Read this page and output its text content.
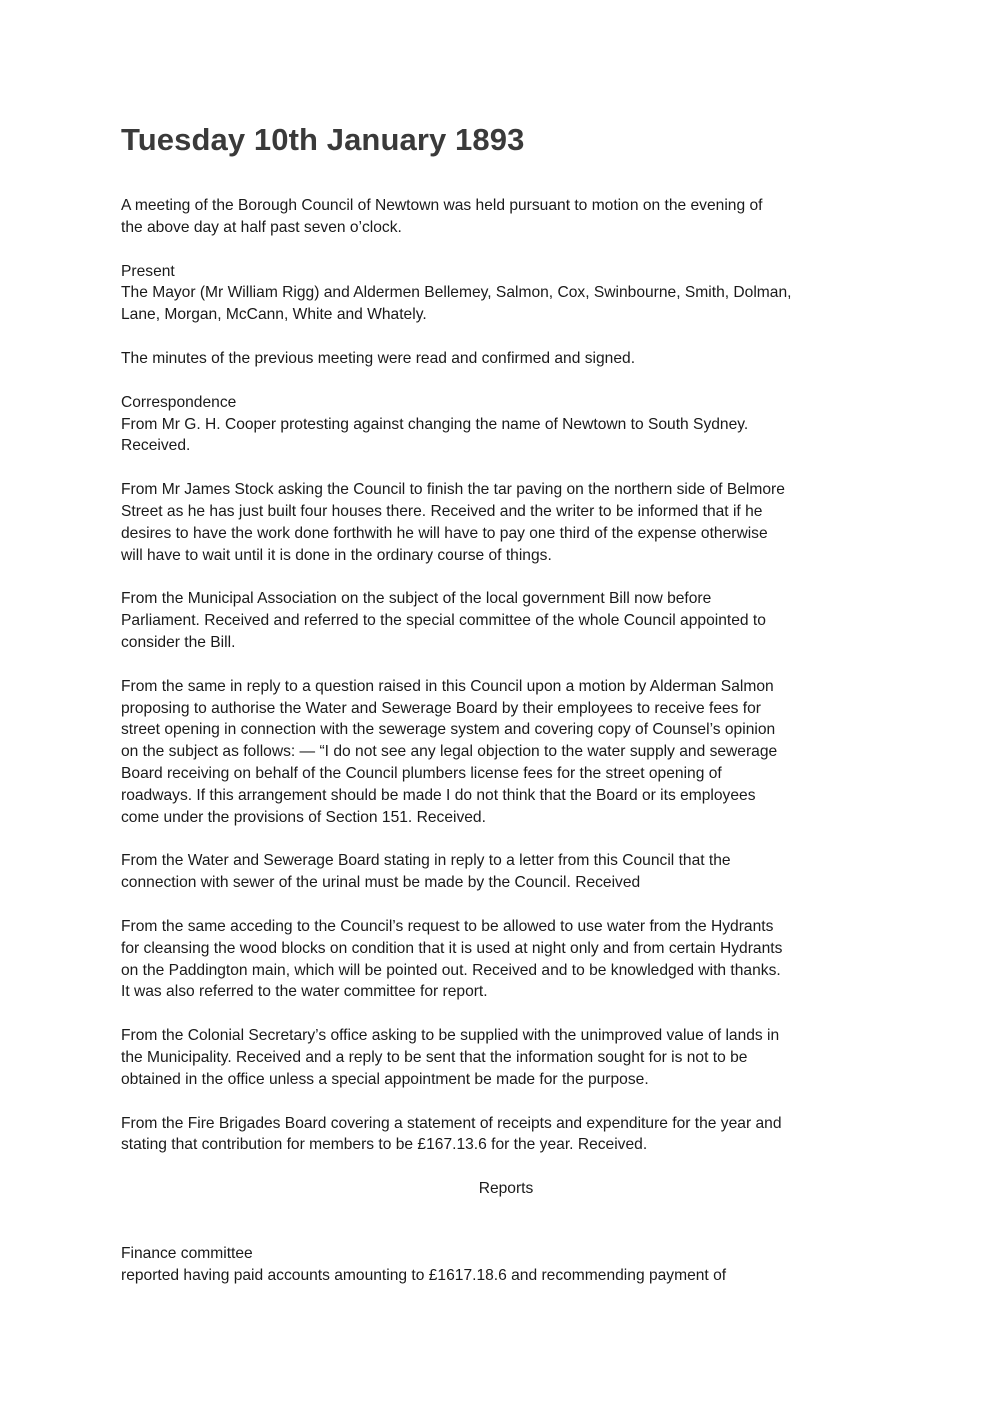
Tuesday 10th January 1893

A meeting of the Borough Council of Newtown was held pursuant to motion on the evening of
the above day at half past seven o’clock.

Present
The Mayor (Mr William Rigg) and Aldermen Bellemey, Salmon, Cox, Swinbourne, Smith, Dolman,
Lane, Morgan, McCann, White and Whately.

The minutes of the previous meeting were read and confirmed and signed.

Correspondence
From Mr G. H. Cooper protesting against changing the name of Newtown to South Sydney.
Received.

From Mr James Stock asking the Council to finish the tar paving on the northern side of Belmore
Street as he has just built four houses there. Received and the writer to be informed that if he
desires to have the work done forthwith he will have to pay one third of the expense otherwise
will have to wait until it is done in the ordinary course of things.

From the Municipal Association on the subject of the local government Bill now before
Parliament. Received and referred to the special committee of the whole Council appointed to
consider the Bill.

From the same in reply to a question raised in this Council upon a motion by Alderman Salmon
proposing to authorise the Water and Sewerage Board by their employees to receive fees for
street opening in connection with the sewerage system and covering copy of Counsel’s opinion
on the subject as follows: — “I do not see any legal objection to the water supply and sewerage
Board receiving on behalf of the Council plumbers license fees for the street opening of
roadways. If this arrangement should be made I do not think that the Board or its employees
come under the provisions of Section 151. Received.

From the Water and Sewerage Board stating in reply to a letter from this Council that the
connection with sewer of the urinal must be made by the Council. Received

From the same acceding to the Council’s request to be allowed to use water from the Hydrants
for cleansing the wood blocks on condition that it is used at night only and from certain Hydrants
on the Paddington main, which will be pointed out. Received and to be knowledged with thanks.
It was also referred to the water committee for report.

From the Colonial Secretary’s office asking to be supplied with the unimproved value of lands in
the Municipality. Received and a reply to be sent that the information sought for is not to be
obtained in the office unless a special appointment be made for the purpose.

From the Fire Brigades Board covering a statement of receipts and expenditure for the year and
stating that contribution for members to be £167.13.6 for the year. Received.

Reports

Finance committee
reported having paid accounts amounting to £1617.18.6 and recommending payment of
